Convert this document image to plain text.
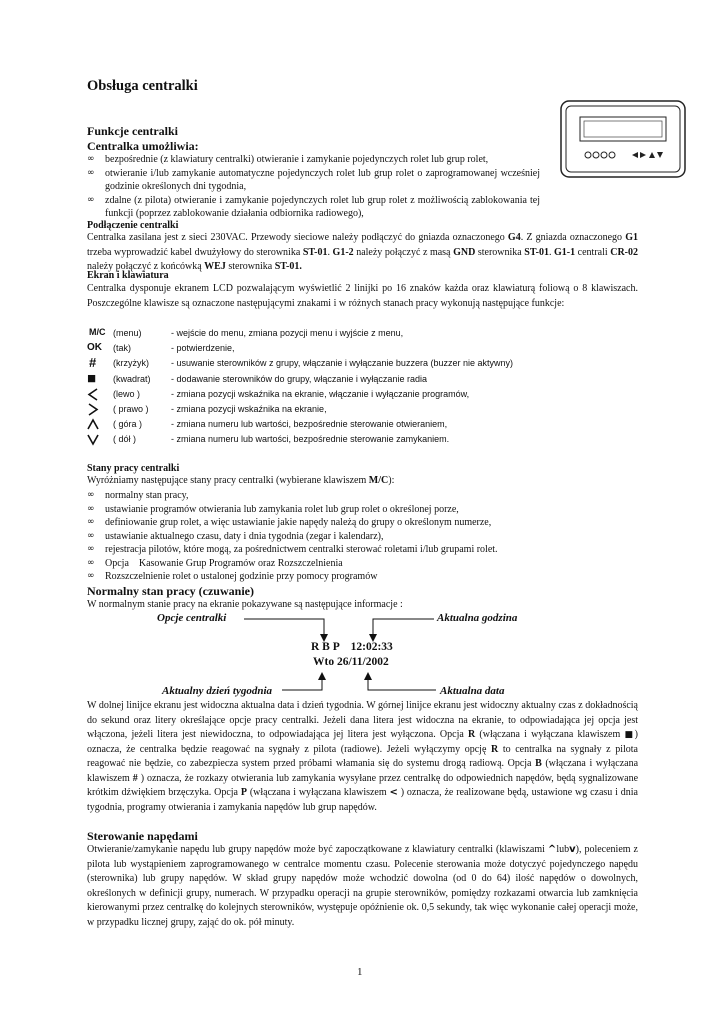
Obsługa centralki
Funkcje centralki
Centralka umożliwia:
∞ bezpośrednie (z klawiatury centralki) otwieranie i zamykanie pojedynczych rolet lub grup rolet,
∞ otwieranie i/lub zamykanie automatyczne pojedynczych rolet lub grup rolet o zaprogramowanej wcześniej godzinie określonych dni tygodnia,
∞ zdalne (z pilota) otwieranie i zamykanie pojedynczych rolet lub grup rolet z możliwością zablokowania tej funkcji (poprzez zablokowanie działania odbiornika radiowego),
Podłączenie centralki
Centralka zasilana jest z sieci 230VAC. Przewody sieciowe należy podłączyć do gniazda oznaczonego G4. Z gniazda oznaczonego G1 trzeba wyprowadzić kabel dwużyłowy do sterownika ST-01. G1-2 należy połączyć z masą GND sterownika ST-01. G1-1 centrali CR-02 należy połączyć z końcówką WEJ sterownika ST-01.
Ekran i klawiatura
Centralka dysponuje ekranem LCD pozwalającym wyświetlić 2 linijki po 16 znaków każda oraz klawiaturą foliową o 8 klawiszach. Poszczególne klawisze są oznaczone następującymi znakami i w różnych stanach pracy wykonują następujące funkcje:
M/C (menu)	- wejście do menu, zmiana pozycji menu i wyjście z menu,
OK	(tak)	- potwierdzenie,
#	(krzyżyk) - usuwanie sterowników z grupy, włączanie i wyłączanie buzzera (buzzer nie aktywny)
■	(kwadrat) - dodawanie sterowników do grupy, włączanie i wyłączanie radia
(lewo )	- zmiana pozycji wskaźnika na ekranie, włączanie i wyłączanie programów,
( prawo ) - zmiana pozycji wskaźnika na ekranie,
( góra )	- zmiana numeru lub wartości, bezpośrednie sterowanie otwieraniem,
( dół )	- zmiana numeru lub wartości, bezpośrednie sterowanie zamykaniem.
Stany pracy centralki
Wyróżniamy następujące stany pracy centralki (wybierane klawiszem M/C):
∞ normalny stan pracy,
∞ ustawianie programów otwierania lub zamykania rolet lub grup rolet o określonej porze,
∞ definiowanie grup rolet, a więc ustawianie jakie napędy należą do grupy o określonym numerze,
∞ ustawianie aktualnego czasu, daty i dnia tygodnia (zegar i kalendarz),
∞ rejestracja pilotów, które mogą, za pośrednictwem centralki sterować roletami i/lub grupami rolet.
∞ Opcja    Kasowanie Grup Programów oraz Rozszczelnienia
∞ Rozszczelnienie rolet o ustalonej godzinie przy pomocy programów
Normalny stan pracy (czuwanie)
W normalnym stanie pracy na ekranie pokazywane są następujące informacje :
Opcje centralki	Aktualna godzina
R B P    12:02:33
Wto 26/11/2002
Aktualny dzień tygodnia	Aktualna data
W dolnej linijce ekranu jest widoczna aktualna data i dzień tygodnia. W górnej linijce ekranu jest widoczny aktualny czas z dokładnością do sekund oraz litery określające opcje pracy centralki. Jeżeli dana litera jest widoczna na ekranie, to odpowiadająca jej opcja jest włączona, jeżeli litera jest niewidoczna, to odpowiadająca jej litera jest wyłączona. Opcja R (włączana i wyłączana klawiszem ■) oznacza, że centralka będzie reagować na sygnały z pilota (radiowe). Jeżeli wyłączymy opcję R to centralka na sygnały z pilota reagować nie będzie, co zabezpiecza system przed próbami włamania się do systemu drogą radiową. Opcja B (włączana i wyłączana klawiszem # ) oznacza, że rozkazy otwierania lub zamykania wysyłane przez centralkę do odpowiednich napędów, będą sygnalizowane krótkim dźwiękiem brzęczyka. Opcja P (włączana i wyłączana klawiszem < ) oznacza, że realizowane będą, ustawione wg czasu i dnia tygodnia, programy otwierania i zamykania napędów lub grup napędów.
Sterowanie napędami
Otwieranie/zamykanie napędu lub grupy napędów może być zapoczątkowane z klawiatury centralki (klawiszami ^lubv), poleceniem z pilota lub wystąpieniem zaprogramowanego w centralce momentu czasu. Polecenie sterowania może dotyczyć pojedynczego napędu (sterownika) lub grupy napędów. W skład grupy napędów może wchodzić dowolna (od 0 do 64) ilość napędów o dowolnych, określonych w definicji grupy, numerach. W przypadku operacji na grupie sterowników, pomiędzy rozkazami otwarcia lub zamknięcia kierowanymi przez centralkę do kolejnych sterowników, występuje opóźnienie ok. 0,5 sekundy, tak więc wykonanie całej operacji może, w przypadku licznej grupy, zająć do ok. pół minuty.
1
